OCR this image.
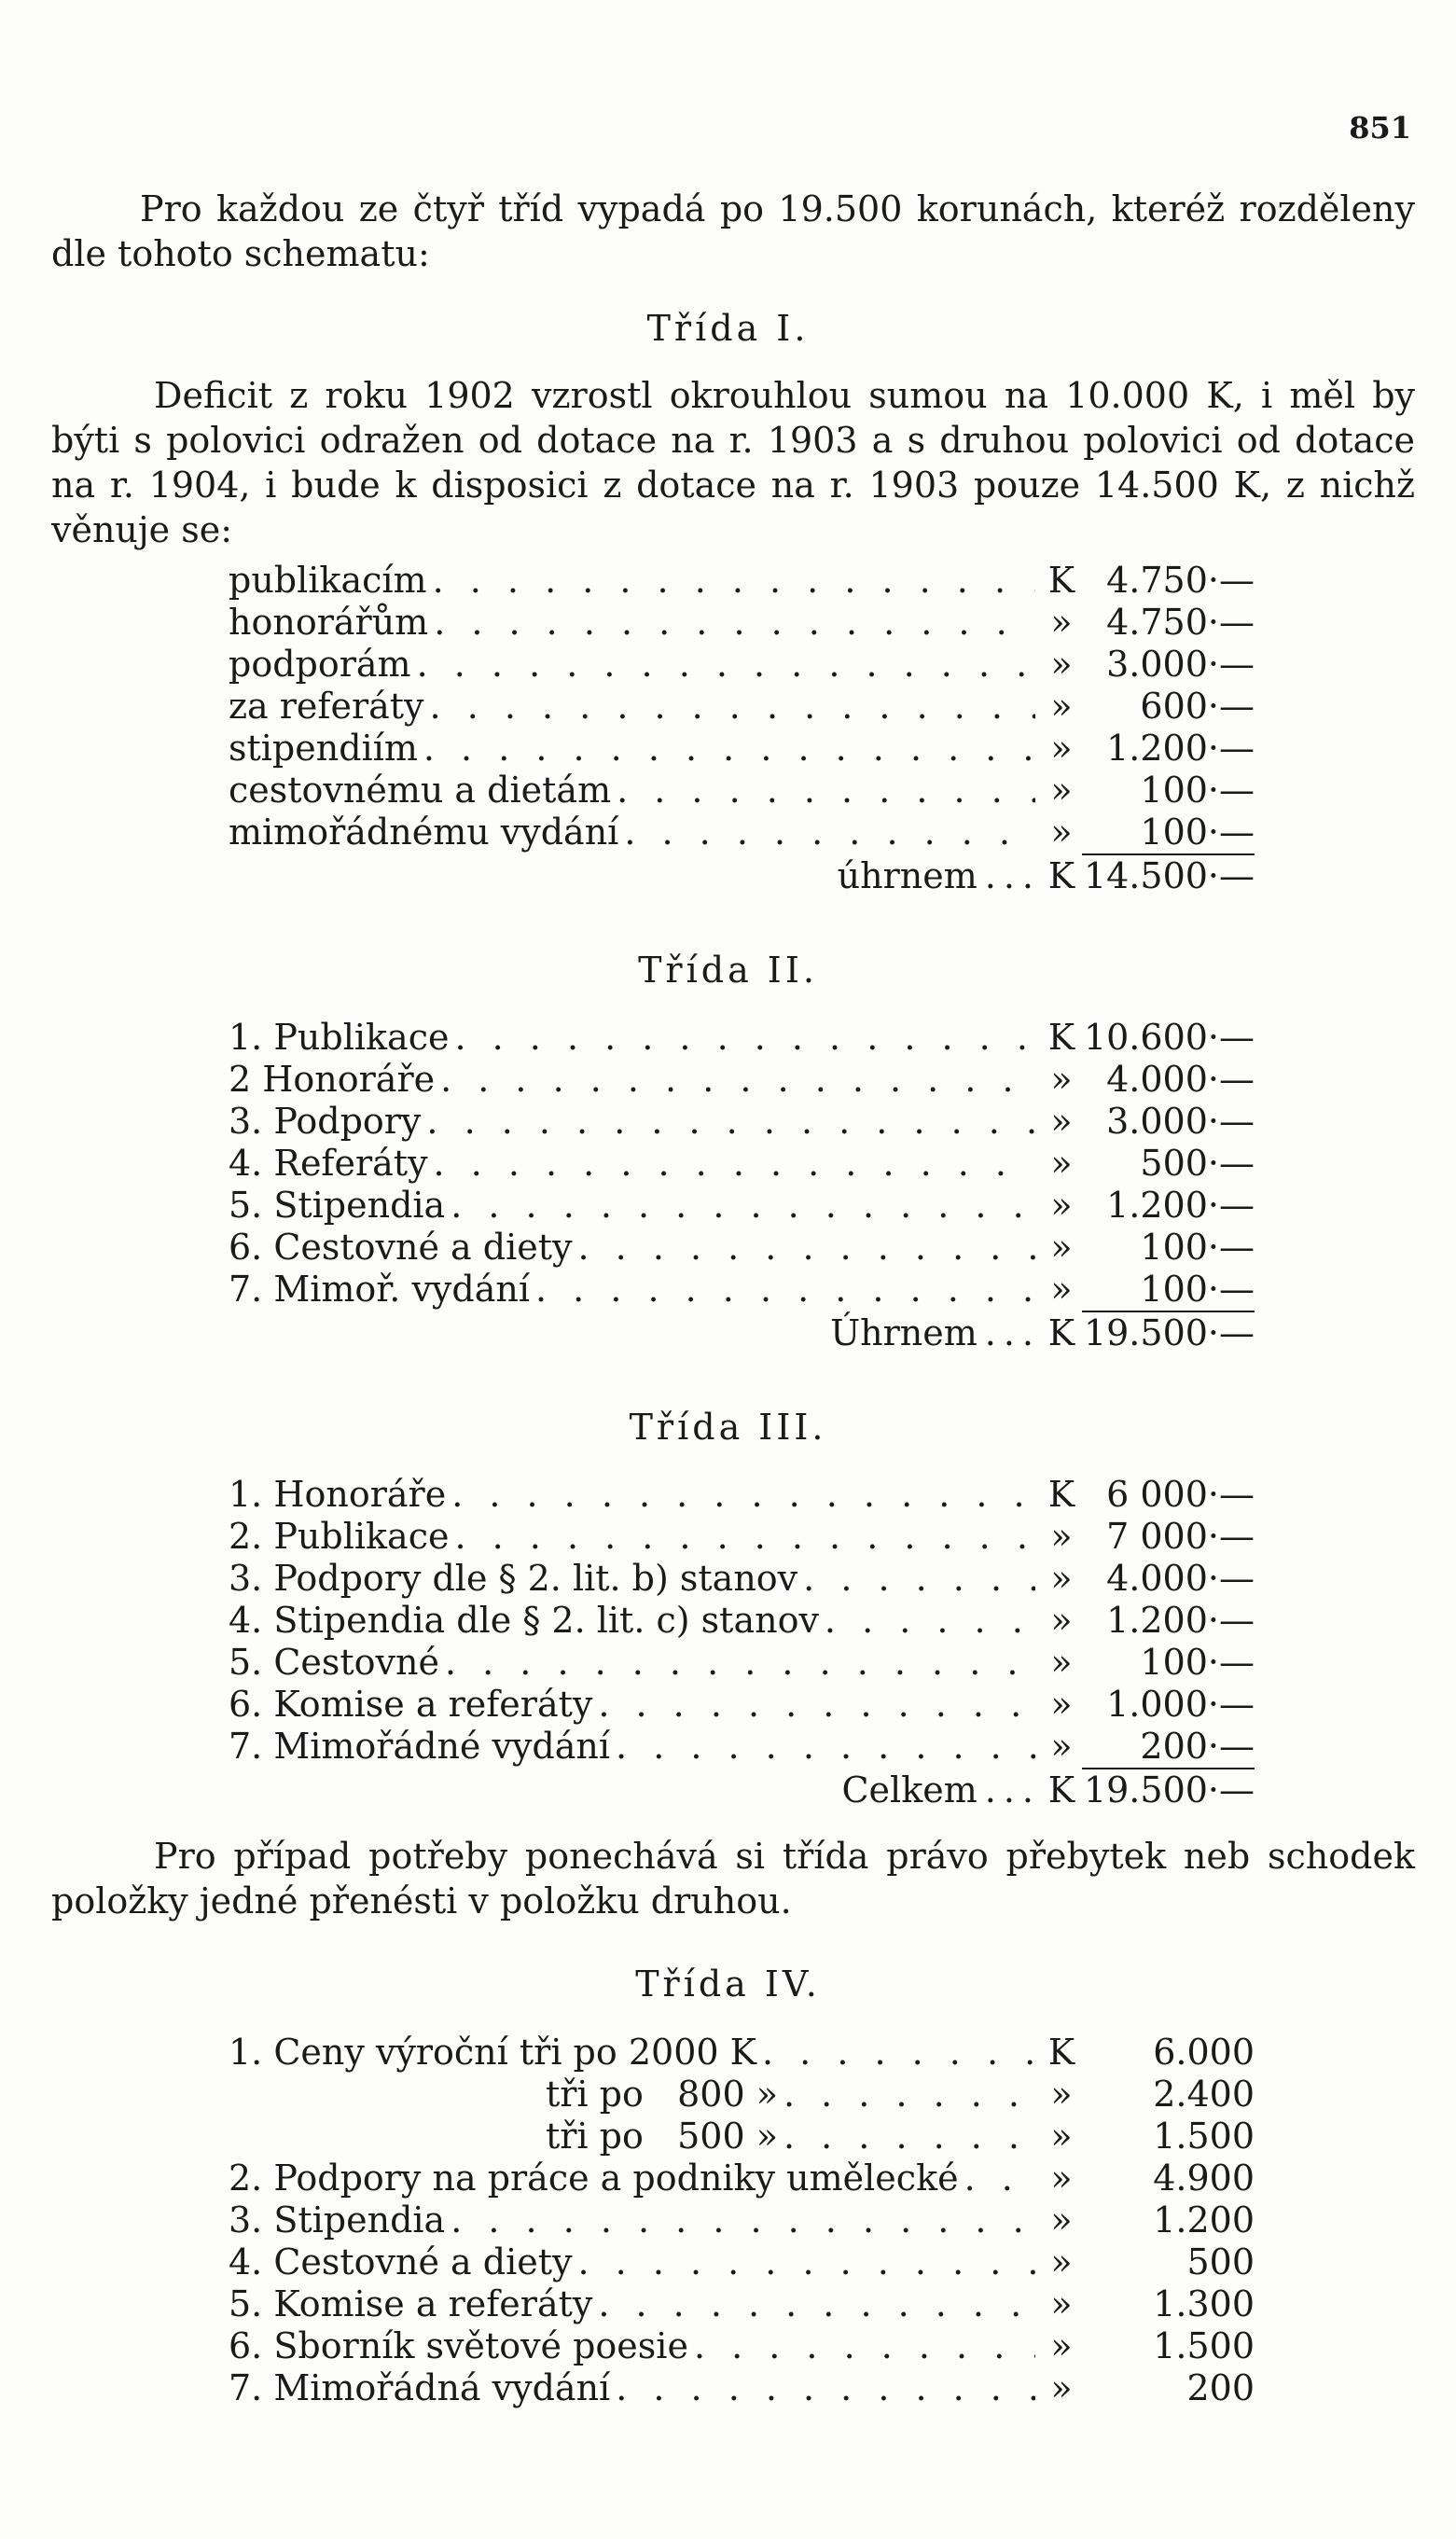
851

Pro každou ze čtyř tříd vypadá po 19.500 korunách, kteréž rozděleny dle tohoto schematu:

Třída I.

Deficit z roku 1902 vzrostl okrouhlou sumou na 10.000 K, i měl by býti s polovici odražen od dotace na r. 1903 a s druhou polovici od dotace na r. 1904, i bude k disposici z dotace na r. 1903 pouze 14.500 K, z nichž věnuje se:

publikacím . . .	K 4.750·—
honorářům . . .	» 4.750·—
podporám . . .	» 3.000·—
za referáty . . .	»	600·—
stipendiím . . .	» 1.200·—
cestovnému a dietám . . .	»	100·—
mimořádnému vydání . . .	»	100·—
úhrnem ... K 14.500·—
Třída II.
1. Publikace . . .	K 10.600·—
2 Honoráře . . .	» 4.000·—
3. Podpory . . .	» 3.000·—
4. Referáty . . .	»	500·—
5. Stipendia . . .	» 1.200·—
6. Cestovné a diety . . .	»	100·—
7. Mimoř. vydání . . .	»	100·—
Úhrnem ... K 19.500·—
Třída III.
1. Honoráře . . .	K 6 000·—
2. Publikace . . .	» 7 000·—
3. Podpory dle § 2. lit. b) stanov . . .	» 4.000·—
4. Stipendia dle § 2. lit. c) stanov . . .	» 1.200·—
5. Cestovné . . .	»	100·—
6. Komise a referáty . . .	» 1.000·—
7. Mimořádné vydání . . .	»	200·—
Celkem ... K 19.500·—

Pro případ potřeby ponechává si třída právo přebytek neb schodek položky jedné přenésti v položku druhou.

Třída IV.
1. Ceny výroční tři po 2000 K . . .	K	6.000
tři po   800 » . . .	»	2.400
tři po   500 » . . .	»	1.500
2. Podpory na práce a podniky umělecké . . .	»	4.900
3. Stipendia . . .	»	1.200
4. Cestovné a diety . . .	»	500
5. Komise a referáty . . .	»	1.300
6. Sborník světové poesie . . .	»	1.500
7. Mimořádná vydání . . .	»	200
